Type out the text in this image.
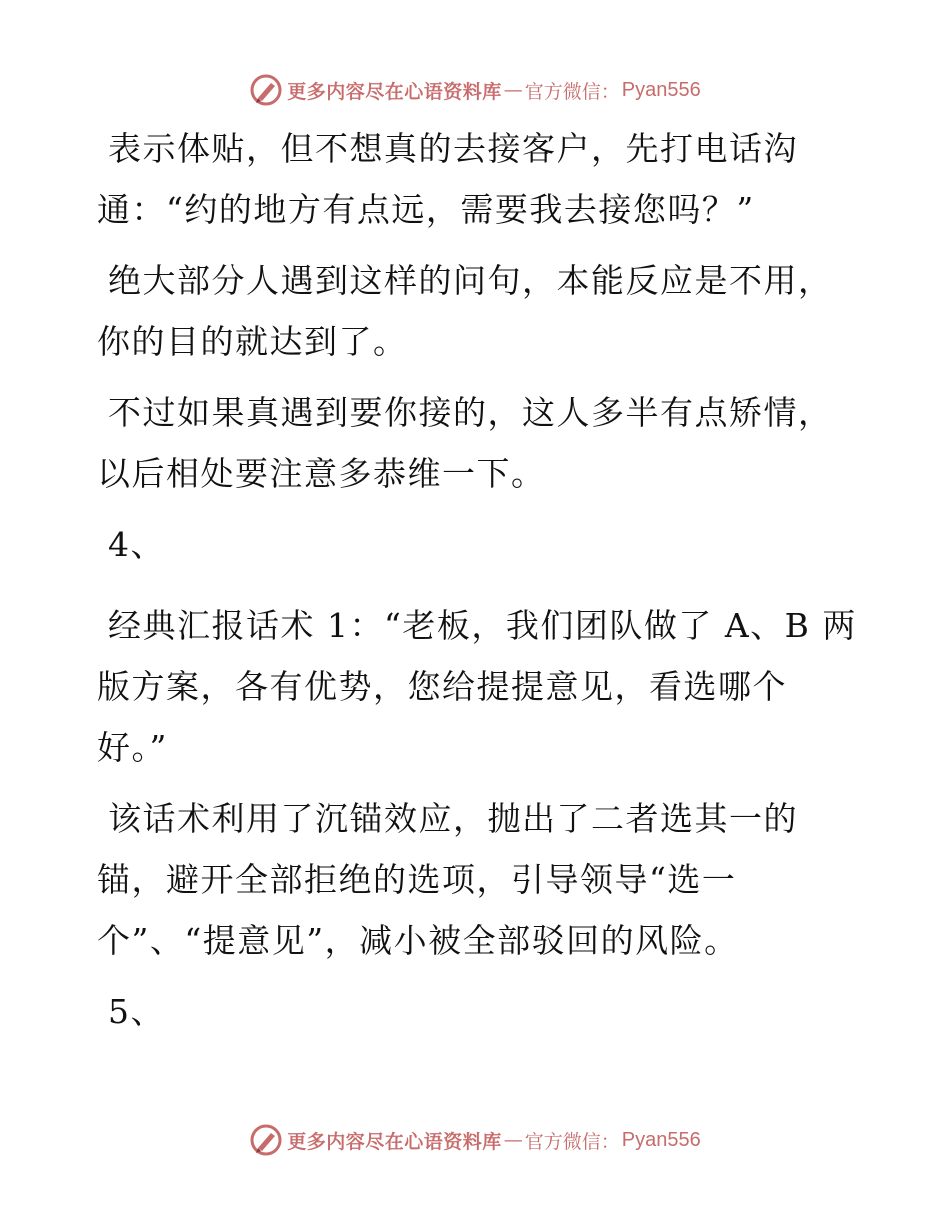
更多内容尽在心语资料库 — 官方微信： Pyan556

表示体贴，但不想真的去接客户，先打电话沟通：“约的地方有点远，需要我去接您吗？”

绝大部分人遇到这样的问句，本能反应是不用，你的目的就达到了。

不过如果真遇到要你接的，这人多半有点矫情，以后相处要注意多恭维一下。

4、

经典汇报话术 1：“老板，我们团队做了 A、B 两版方案，各有优势，您给提提意见，看选哪个好。”

该话术利用了沉锚效应，抛出了二者选其一的锚，避开全部拒绝的选项，引导领导“选一个”、“提意见”，减小被全部驳回的风险。

5、

更多内容尽在心语资料库 — 官方微信： Pyan556
